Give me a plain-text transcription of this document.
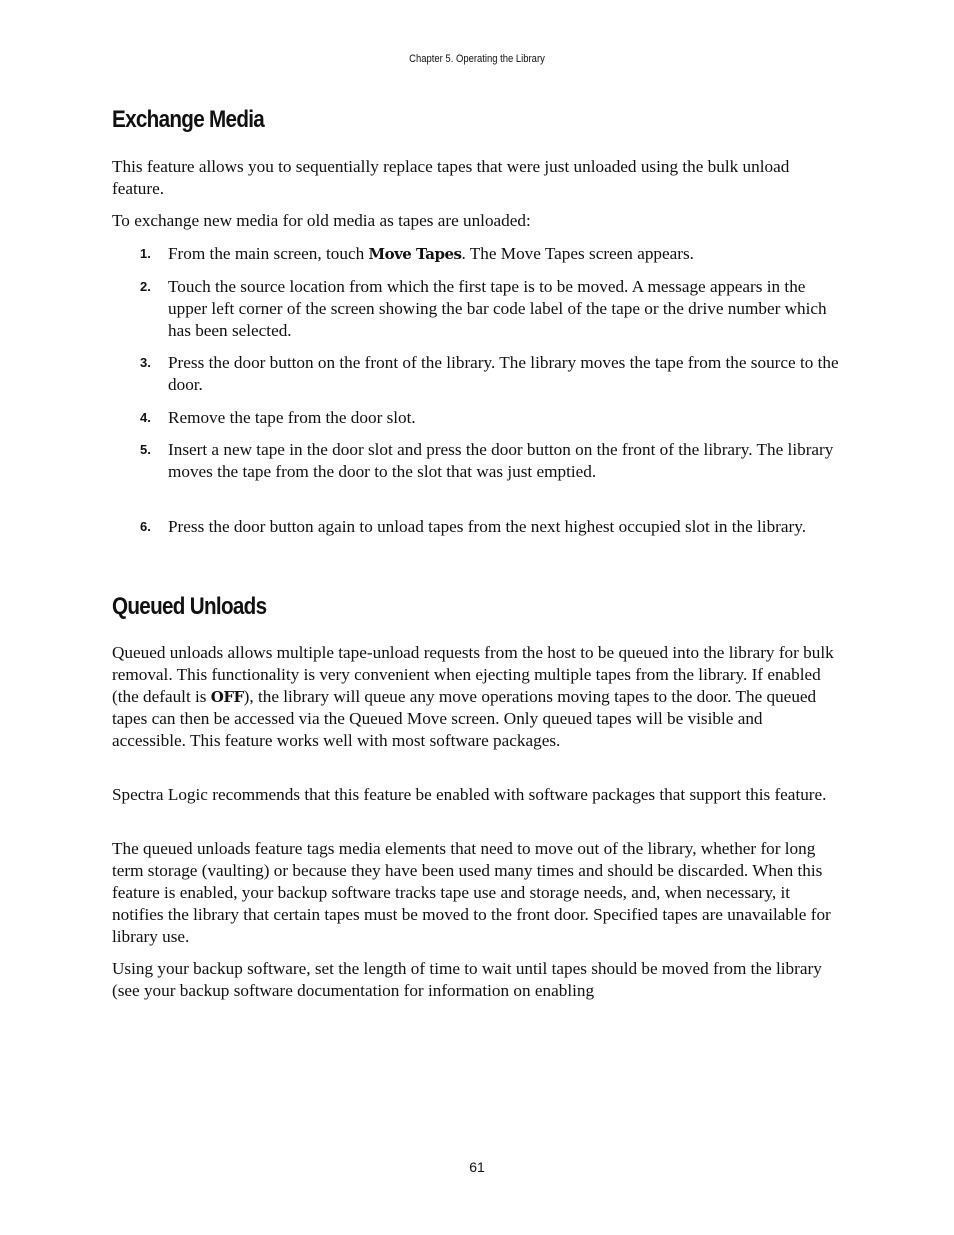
Chapter 5. Operating the Library
Exchange Media

This feature allows you to sequentially replace tapes that were just unloaded using the bulk unload feature.

To exchange new media for old media as tapes are unloaded:

1. From the main screen, touch Move Tapes. The Move Tapes screen appears.
2. Touch the source location from which the first tape is to be moved. A message appears in the upper left corner of the screen showing the bar code label of the tape or the drive number which has been selected.
3. Press the door button on the front of the library. The library moves the tape from the source to the door.
4. Remove the tape from the door slot.
5. Insert a new tape in the door slot and press the door button on the front of the library. The library moves the tape from the door to the slot that was just emptied.
6. Press the door button again to unload tapes from the next highest occupied slot in the library.
Queued Unloads

Queued unloads allows multiple tape-unload requests from the host to be queued into the library for bulk removal. This functionality is very convenient when ejecting multiple tapes from the library. If enabled (the default is OFF), the library will queue any move operations moving tapes to the door. The queued tapes can then be accessed via the Queued Move screen. Only queued tapes will be visible and accessible. This feature works well with most software packages.

Spectra Logic recommends that this feature be enabled with software packages that support this feature.

The queued unloads feature tags media elements that need to move out of the library, whether for long term storage (vaulting) or because they have been used many times and should be discarded. When this feature is enabled, your backup software tracks tape use and storage needs, and, when necessary, it notifies the library that certain tapes must be moved to the front door. Specified tapes are unavailable for library use.

Using your backup software, set the length of time to wait until tapes should be moved from the library (see your backup software documentation for information on enabling

61
